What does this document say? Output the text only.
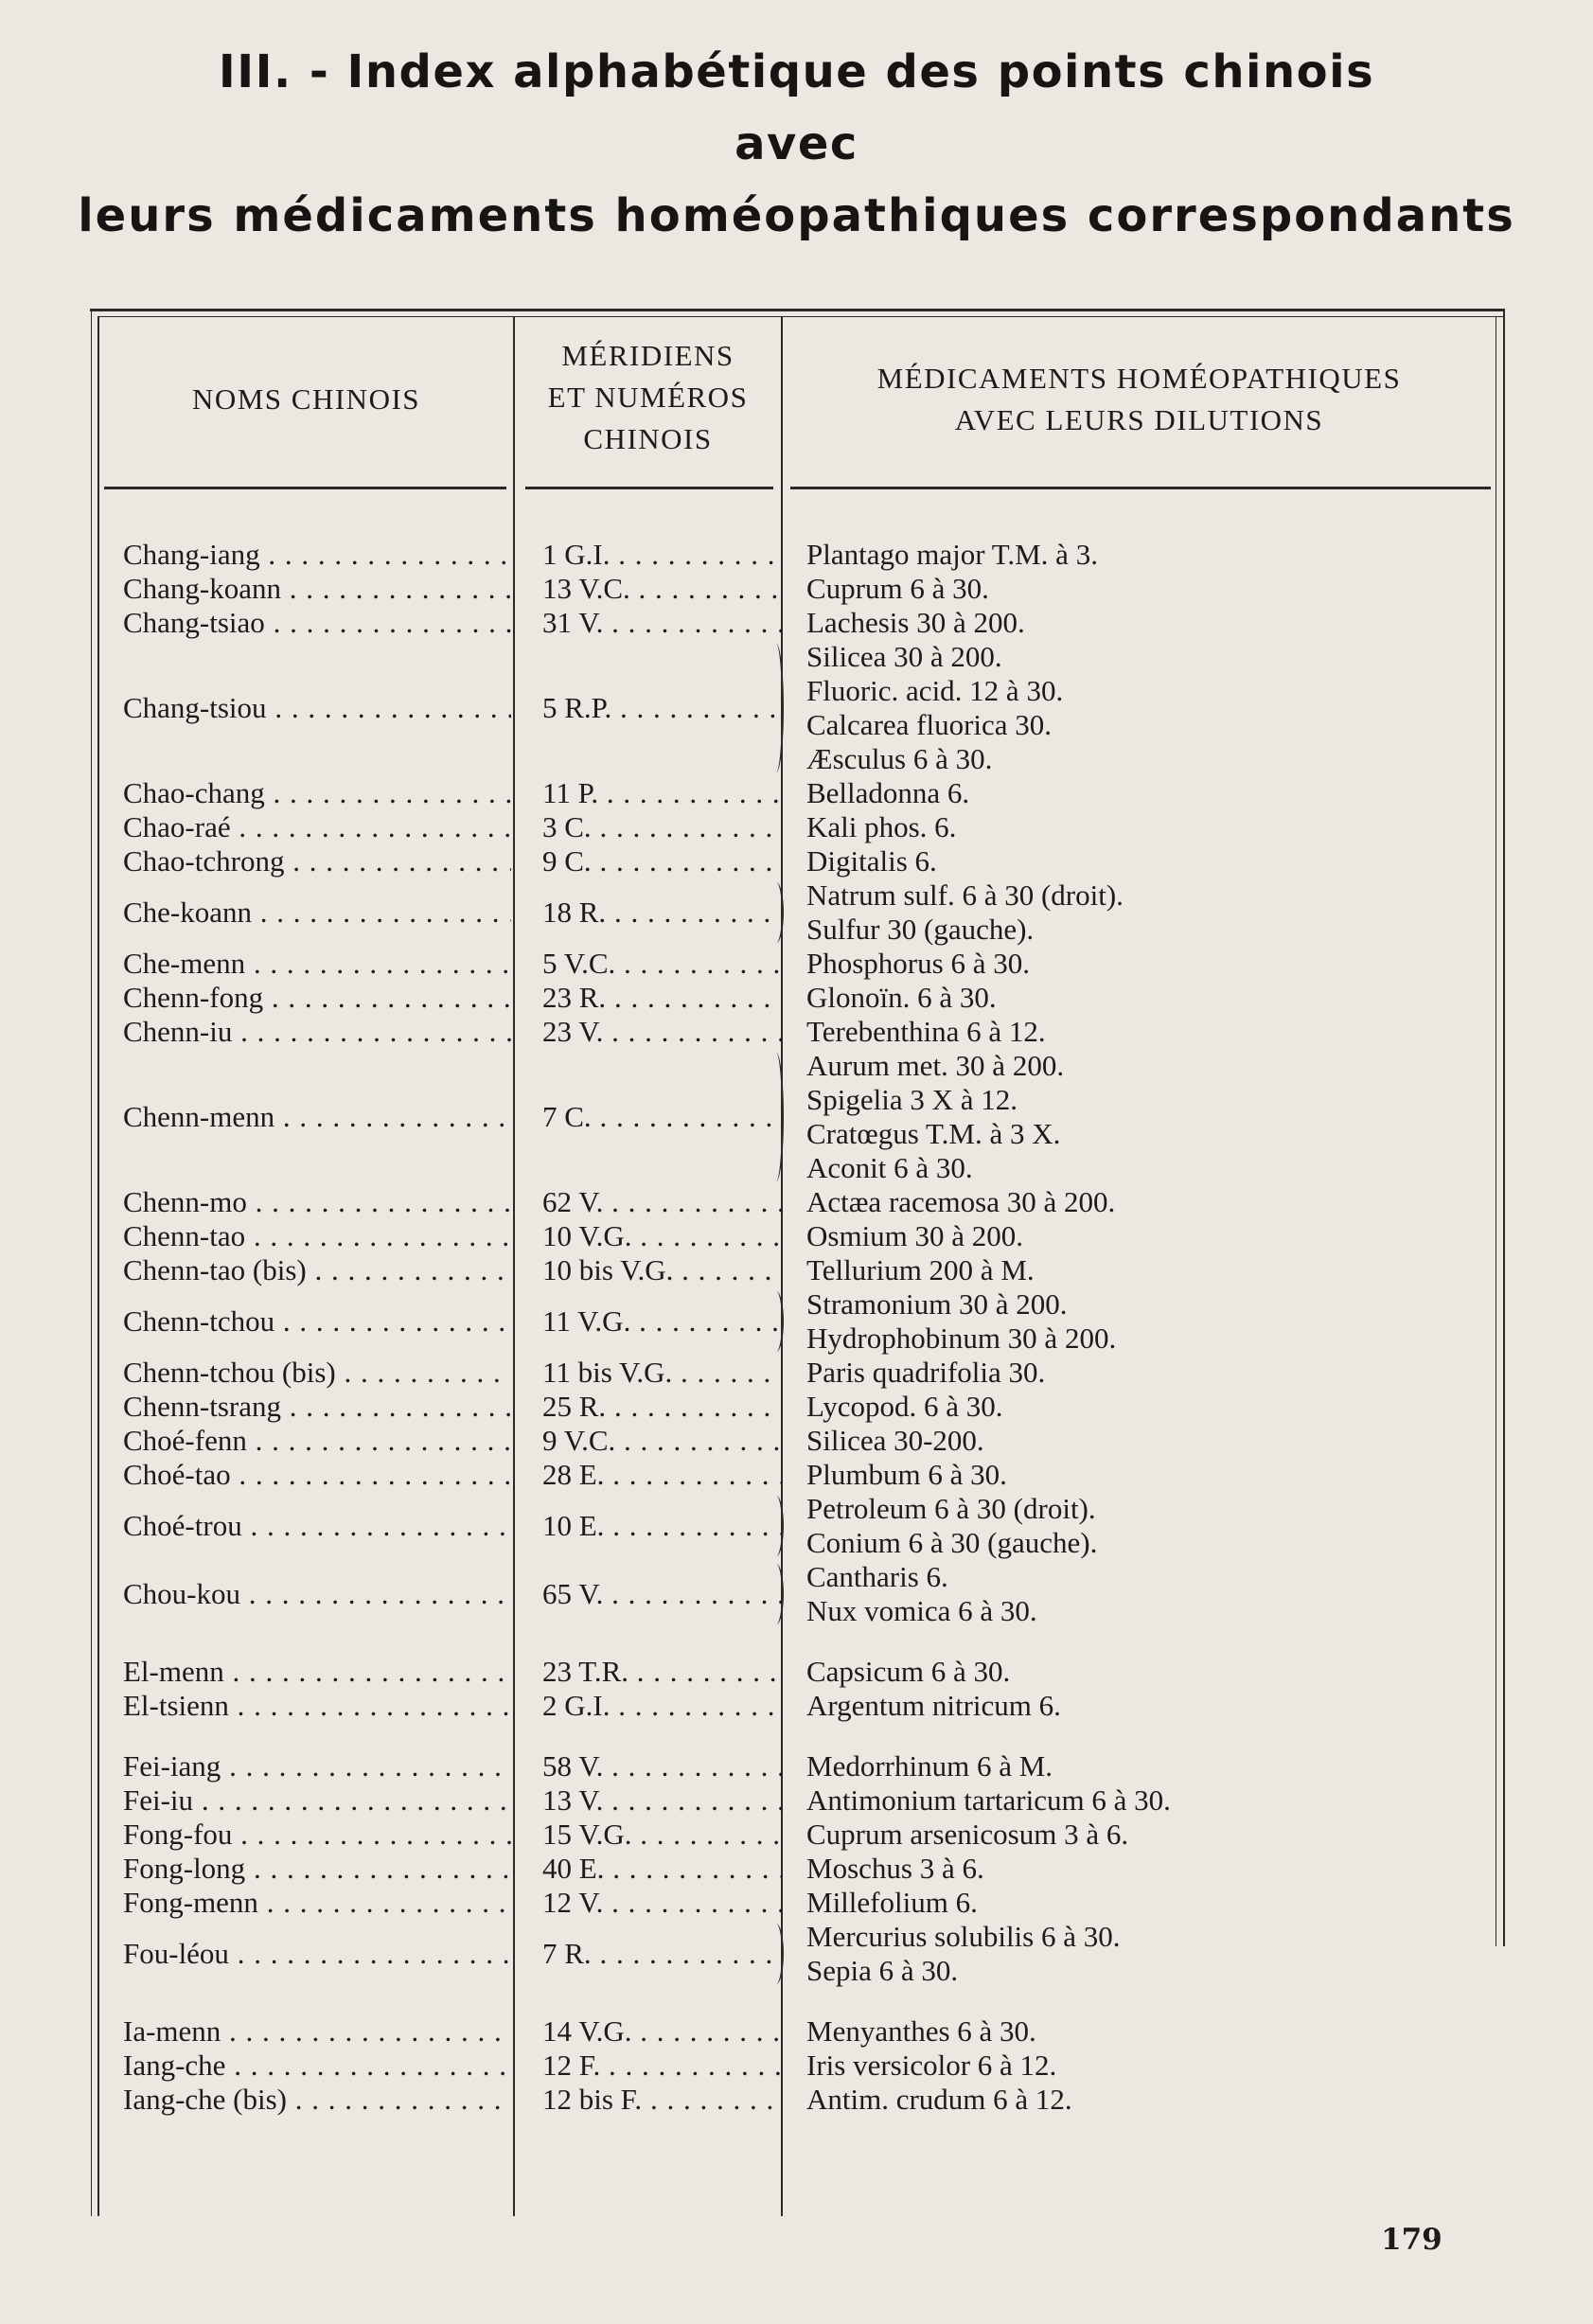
III. - Index alphabétique des points chinois
avec
leurs médicaments homéopathiques correspondants
NOMS CHINOIS
MÉRIDIENS
ET NUMÉROS
CHINOIS
MÉDICAMENTS HOMÉOPATHIQUES
AVEC LEURS DILUTIONS
Chang-iang . . .	1 G.I. . . .	Plantago major T.M. à 3.
Chang-koann . . .	13 V.C. . . .	Cuprum 6 à 30.
Chang-tsiao . . .	31 V. . . .	Lachesis 30 à 200.
Chang-tsiou . . .	5 R.P. . . .
Silicea 30 à 200.
Fluoric. acid. 12 à 30.
Calcarea fluorica 30.
Æsculus 6 à 30.
Chao-chang . . .	11 P. . . .	Belladonna 6.
Chao-raé . . .	3 C. . . .	Kali phos. 6.
Chao-tchrong . . .	9 C. . . .	Digitalis 6.
Che-koann . . .	18 R. . . .
Natrum sulf. 6 à 30 (droit).
Sulfur 30 (gauche).
Che-menn . . .	5 V.C. . . .	Phosphorus 6 à 30.
Chenn-fong . . .	23 R. . . .	Glonoïn. 6 à 30.
Chenn-iu . . .	23 V. . . .	Terebenthina 6 à 12.
Chenn-menn . . .	7 C. . . .
Aurum met. 30 à 200.
Spigelia 3 X à 12.
Cratœgus T.M. à 3 X.
Aconit 6 à 30.
Chenn-mo . . .	62 V. . . .	Actæa racemosa 30 à 200.
Chenn-tao . . .	10 V.G. . . .	Osmium 30 à 200.
Chenn-tao (bis) . . .	10 bis V.G. . . .	Tellurium 200 à M.
Chenn-tchou . . .	11 V.G. . . .
Stramonium 30 à 200.
Hydrophobinum 30 à 200.
Chenn-tchou (bis) . . .	11 bis V.G. . . .	Paris quadrifolia 30.
Chenn-tsrang . . .	25 R. . . .	Lycopod. 6 à 30.
Choé-fenn . . .	9 V.C. . . .	Silicea 30-200.
Choé-tao . . .	28 E. . . .	Plumbum 6 à 30.
Choé-trou . . .	10 E. . . .
Petroleum 6 à 30 (droit).
Conium 6 à 30 (gauche).
Chou-kou . . .	65 V. . . .
Cantharis 6.
Nux vomica 6 à 30.
El-menn . . .	23 T.R. . . .	Capsicum 6 à 30.
El-tsienn . . .	2 G.I. . . .	Argentum nitricum 6.
Fei-iang . . .	58 V. . . .	Medorrhinum 6 à M.
Fei-iu . . .	13 V. . . .	Antimonium tartaricum 6 à 30.
Fong-fou . . .	15 V.G. . . .	Cuprum arsenicosum 3 à 6.
Fong-long . . .	40 E. . . .	Moschus 3 à 6.
Fong-menn . . .	12 V. . . .	Millefolium 6.
Fou-léou . . .	7 R. . . .
Mercurius solubilis 6 à 30.
Sepia 6 à 30.
Ia-menn . . .	14 V.G. . . .	Menyanthes 6 à 30.
Iang-che . . .	12 F. . . .	Iris versicolor 6 à 12.
Iang-che (bis) . . .	12 bis F. . . .	Antim. crudum 6 à 12.
179
